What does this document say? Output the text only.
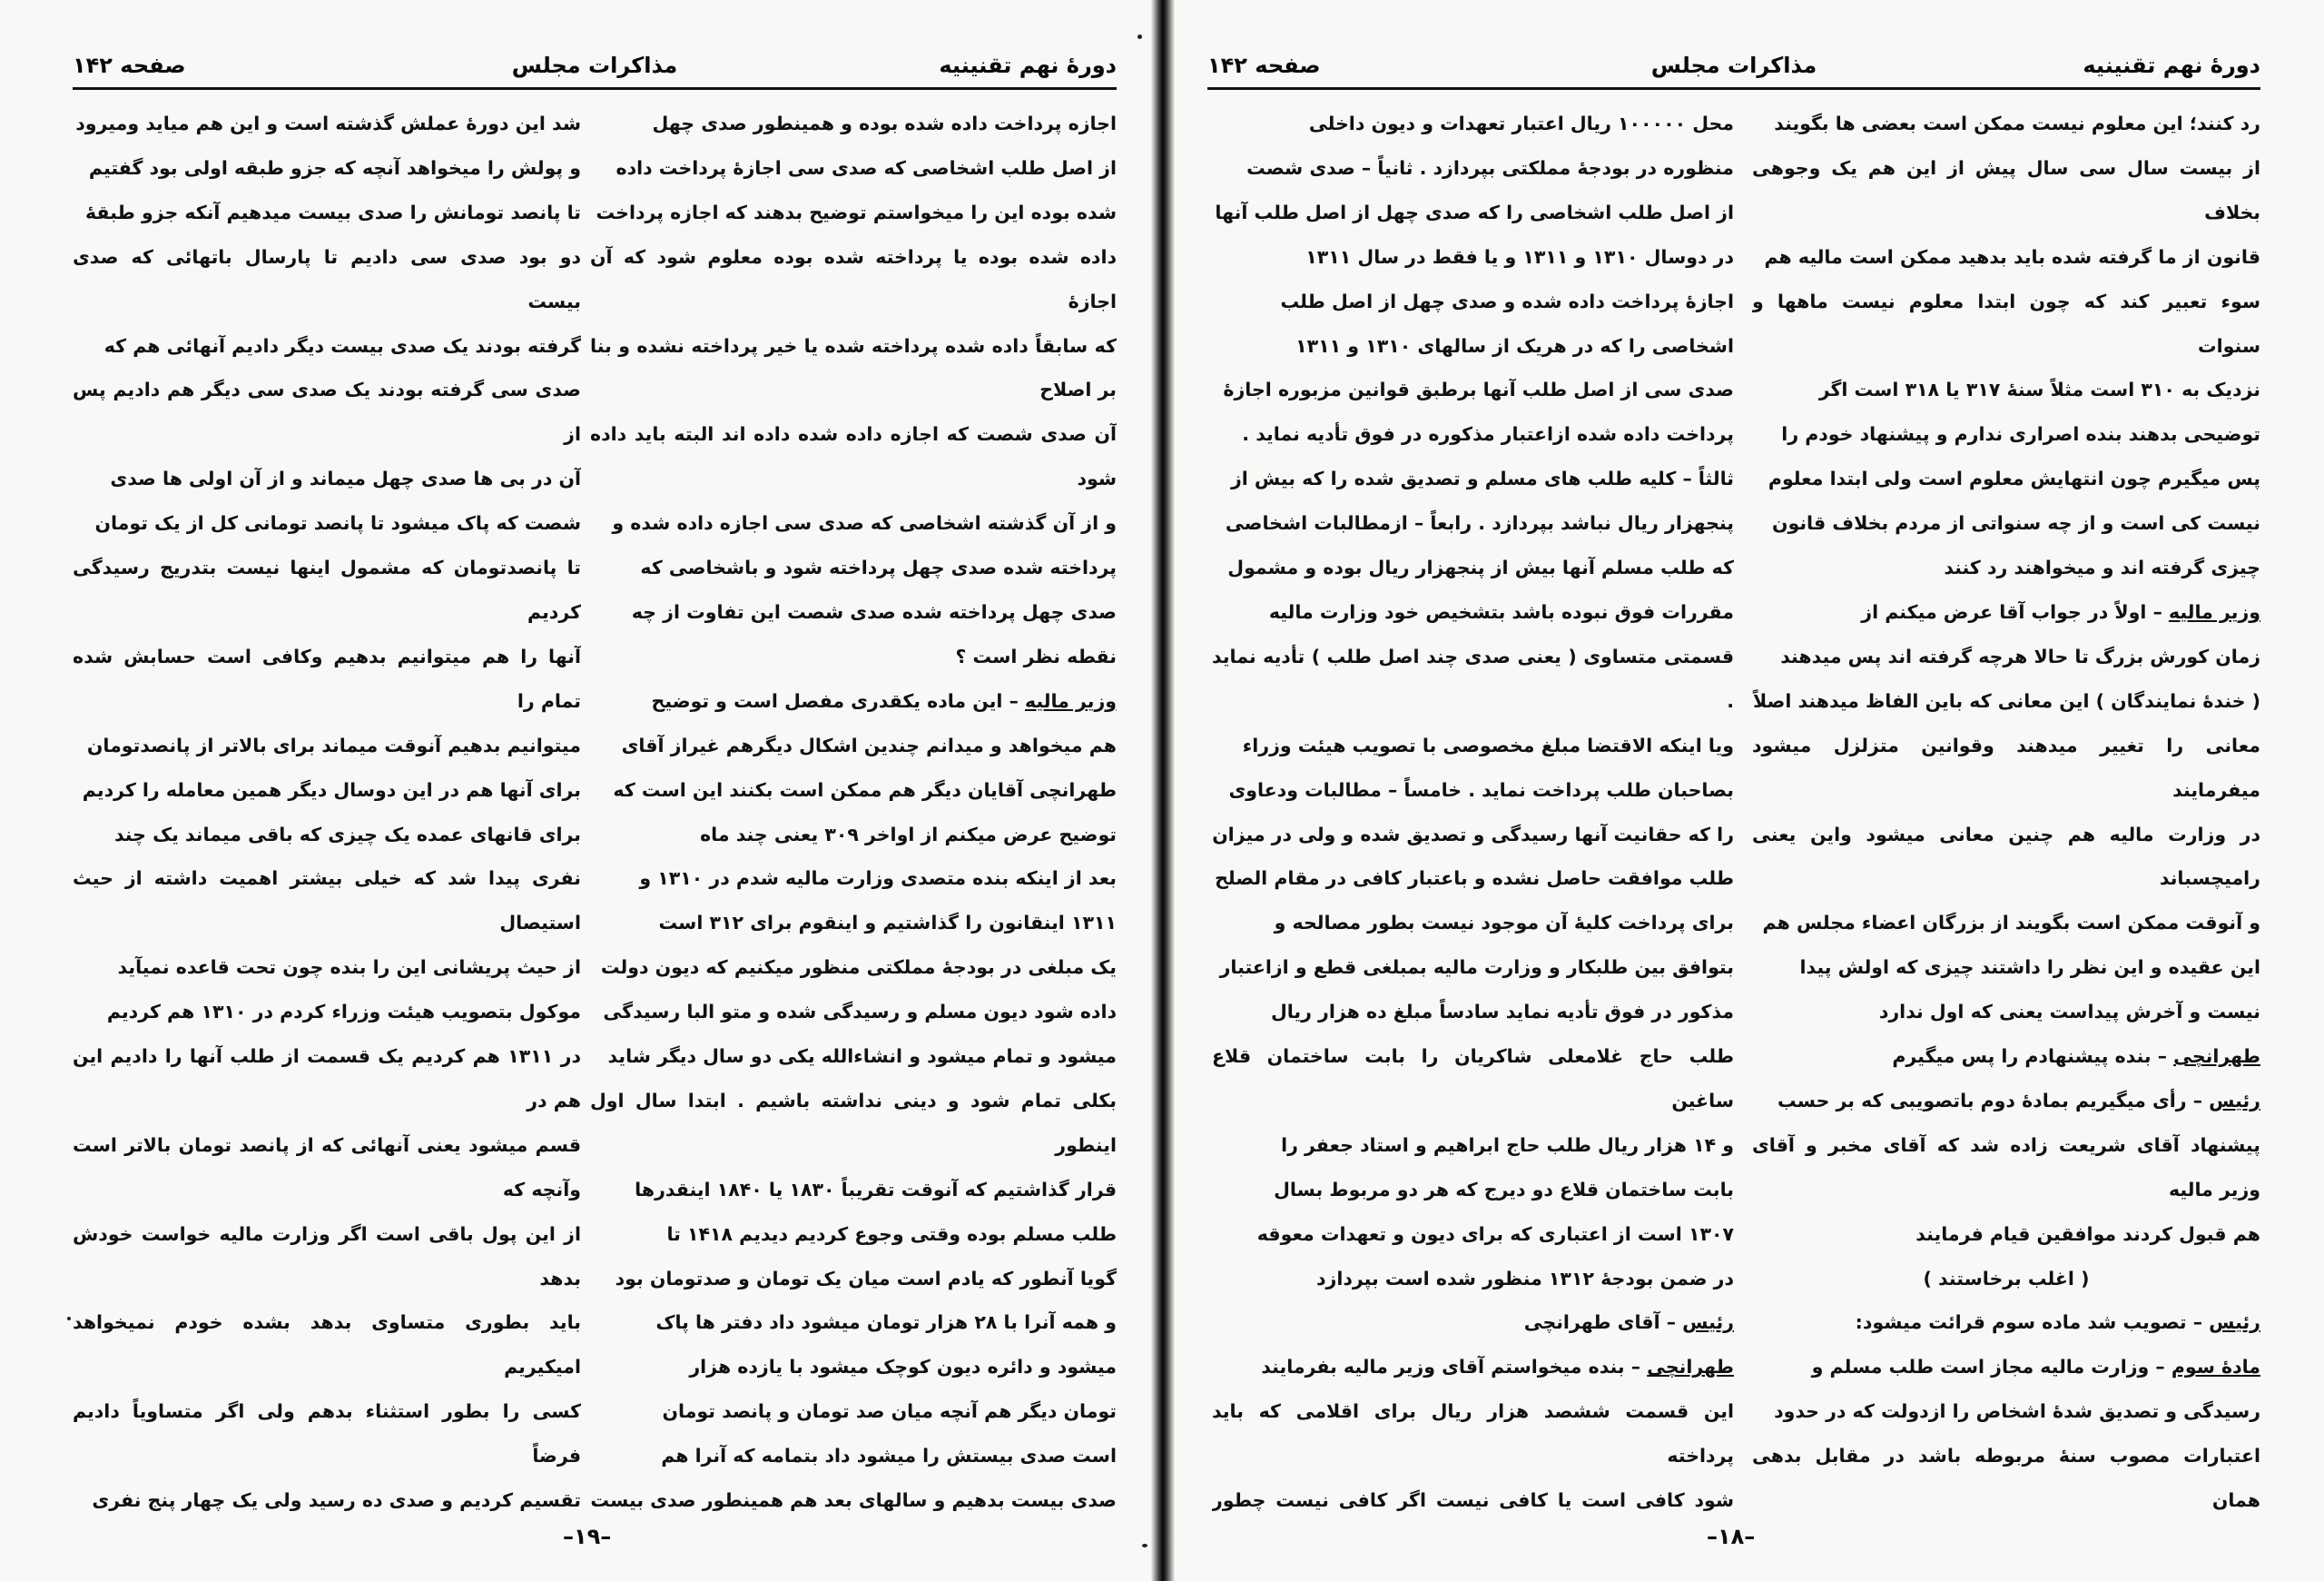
دورهٔ نهم تقنینیه
مذاکرات مجلس
صفحه ۱۴۲

اجازه پرداخت داده شده بوده و همینطور صدی چهل

از اصل طلب اشخاصی که صدی سی اجازهٔ پرداخت داده

شده بوده این را میخواستم توضیح بدهند که اجازه پرداخت

داده شده بوده یا پرداخته شده بوده معلوم شود که آن اجازهٔ

که سابقاً داده شده پرداخته شده یا خیر پرداخته نشده و بنا بر اصلاح

آن صدی شصت که اجازه داده شده داده اند البته باید داده شود

و از آن گذشته اشخاصی که صدی سی اجازه داده شده و

پرداخته شده صدی چهل پرداخته شود و باشخاصی که

صدی چهل پرداخته شده صدی شصت این تفاوت از چه

نقطه نظر است ؟

وزیر مالیه – این ماده یکقدری مفصل است و توضیح

هم میخواهد و میدانم چندین اشکال دیگرهم غیراز آقای

طهرانچی آقایان دیگر هم ممکن است بکنند این است که

توضیح عرض میکنم از اواخر ۳۰۹ یعنی چند ماه

بعد از اینکه بنده متصدی وزارت مالیه شدم در ۱۳۱۰ و

۱۳۱۱ اینقانون را گذاشتیم و اینقوم برای ۳۱۲ است

یک مبلغی در بودجهٔ مملکتی منظور میکنیم که دیون دولت

داده شود دیون مسلم و رسیدگی شده و متو البا رسیدگی

میشود و تمام میشود و انشاءالله یکی دو سال دیگر شاید

بکلی تمام شود و دینی نداشته باشیم . ابتدا سال اول اینطور

قرار گذاشتیم که آنوقت تقریباً ۱۸۳۰ یا ۱۸۴۰ اینقدرها

طلب مسلم بوده وقتی وجوع کردیم دیدیم ۱۴۱۸ تا

گویا آنطور که یادم است میان یک تومان و صدتومان بود

و همه آنرا با ۲۸ هزار تومان میشود داد دفتر ها پاک

میشود و دائره دیون کوچک میشود با یازده هزار

تومان دیگر هم آنچه میان صد تومان و پانصد تومان

است صدی بیستش را میشود داد بتمامه که آنرا هم

صدی بیست بدهیم و سالهای بعد هم همینطور صدی بیست

شد این دورهٔ عملش گذشته است و این هم میاید وميرود

و پولش را میخواهد آنچه که جزو طبقه اولی بود گفتیم

تا پانصد تومانش را صدی بیست میدهیم آنکه جزو طبقهٔ

دو بود صدی سی دادیم تا پارسال باتهائی که صدی بیست

گرفته بودند یک صدی بیست دیگر دادیم آنهائی هم که

صدی سی گرفته بودند یک صدی سی دیگر هم دادیم پس از

آن در بی ها صدی چهل میماند و از آن اولی ها صدی

شصت که پاک میشود تا پانصد تومانی کل از یک تومان

تا پانصدتومان که مشمول اینها نیست بتدریج رسیدگی کردیم

آنها را هم میتوانیم بدهیم وکافی است حسابش شده تمام را

میتوانیم بدهیم آنوقت میماند برای بالاتر از پانصدتومان

برای آنها هم در این دوسال دیگر همین معامله را کردیم

برای قانهای عمده یک چیزی که باقی میماند یک چند

نفری پیدا شد که خیلی بیشتر اهمیت داشته از حیث استیصال

از حیث پریشانی این را بنده چون تحت قاعده نمیآید

موکول بتصویب هیئت وزراء کردم در ۱۳۱۰ هم کردیم

در ۱۳۱۱ هم کردیم یک قسمت از طلب آنها را دادیم این هم در

قسم میشود یعنی آنهائی که از پانصد تومان بالاتر است وآنچه که

از این پول باقی است اگر وزارت مالیه خواست خودش بدهد

باید بطوری متساوی بدهد بشده خودم نمیخواهد امیکیریم

کسی را بطور استثناء بدهم ولی اگر متساویاً دادیم فرضاً

تقسیم کردیم و صدی ده رسید ولی یک چهار پنج نفری

–۱۹–
دورهٔ نهم تقنینیه
مذاکرات مجلس
صفحه ۱۴۲

رد کنند؛ این معلوم نیست ممکن است بعضی ها بگویند

از بیست سال سی سال پیش از این هم یک وجوهی بخلاف

قانون از ما گرفته شده باید بدهید ممکن است مالیه هم

سوء تعبیر کند که چون ابتدا معلوم نیست ماهها و سنوات

نزدیک به ۳۱۰ است مثلاً سنهٔ ۳۱۷ یا ۳۱۸ است اگر

توضیحی بدهند بنده اصراری ندارم و پیشنهاد خودم را

پس میگیرم چون انتهایش معلوم است ولی ابتدا معلوم

نیست کی است و از چه سنواتی از مردم بخلاف قانون

چیزی گرفته اند و میخواهند رد کنند

وزیر مالیه – اولاً در جواب آقا عرض میکنم از

زمان کورش بزرگ تا حالا هرچه گرفته اند پس میدهند

( خندهٔ نمایندگان ) این معانی که باین الفاظ میدهند اصلاً

معانی را تغییر میدهند وقوانین متزلزل میشود میفرمایند

در وزارت مالیه هم چنین معانی میشود واین یعنی رامیچسباند

و آنوقت ممکن است بگویند از بزرگان اعضاء مجلس هم

این عقیده و این نظر را داشتند چیزی که اولش پیدا

نیست و آخرش پیداست یعنی که اول ندارد

طهرانچی – بنده پیشنهادم را پس میگیرم

رئیس – رأی میگیریم بمادهٔ دوم باتصویبی که بر حسب

پیشنهاد آقای شریعت زاده شد که آقای مخبر و آقای وزیر مالیه

هم قبول کردند موافقین قیام فرمایند

( اغلب برخاستند )

رئیس – تصویب شد ماده سوم قرائت میشود:

مادهٔ سوم – وزارت مالیه مجاز است طلب مسلم و

رسیدگی و تصدیق شدهٔ اشخاص را ازدولت که در حدود

اعتبارات مصوب سنهٔ مربوطه باشد در مقابل بدهی همان

محل ۱۰۰۰۰۰ ریال اعتبار تعهدات و دیون داخلی

منظوره در بودجهٔ مملکتی بپردازد . ثانیاً – صدی شصت

از اصل طلب اشخاصی را که صدی چهل از اصل طلب آنها

در دوسال ۱۳۱۰ و ۱۳۱۱ و یا فقط در سال ۱۳۱۱

اجازهٔ پرداخت داده شده و صدی چهل از اصل طلب

اشخاصی را که در هریک از سالهای ۱۳۱۰ و ۱۳۱۱

صدی سی از اصل طلب آنها برطبق قوانین مزبوره اجازهٔ

پرداخت داده شده ازاعتبار مذکوره در فوق تأدیه نماید .

ثالثاً – کلیه طلب های مسلم و تصدیق شده را که بیش از

پنجهزار ریال نباشد بپردازد . رابعاً – ازمطالبات اشخاصی

که طلب مسلم آنها بیش از پنجهزار ریال بوده و مشمول

مقررات فوق نبوده باشد بتشخیص خود وزارت مالیه

قسمتی متساوی ( یعنی صدی چند اصل طلب ) تأدیه نماید .

ویا اینکه الاقتضا مبلغ مخصوصی با تصویب هیئت وزراء

بصاحبان طلب پرداخت نماید . خامساً – مطالبات ودعاوی

را که حقانیت آنها رسیدگی و تصدیق شده و ولی در میزان

طلب موافقت حاصل نشده و باعتبار کافی در مقام الصلح

برای پرداخت کلیهٔ آن موجود نیست بطور مصالحه و

بتوافق بین طلبکار و وزارت مالیه بمبلغی قطع و ازاعتبار

مذکور در فوق تأدیه نماید سادساً مبلغ ده هزار ریال

طلب حاج غلامعلی شاکریان را بابت ساختمان قلاع ساغین

و ۱۴ هزار ریال طلب حاج ابراهیم و استاد جعفر را

بابت ساختمان قلاع دو دیرج که هر دو مربوط بسال

۱۳۰۷ است از اعتباری که برای دیون و تعهدات معوقه

در ضمن بودجهٔ ۱۳۱۲ منظور شده است بپردازد

رئیس – آقای طهرانچی

طهرانچی – بنده میخواستم آقای وزیر مالیه بفرمایند

این قسمت ششصد هزار ریال برای اقلامی که باید پرداخته

شود کافی است یا کافی نیست اگر کافی نیست چطور

–۱۸–
